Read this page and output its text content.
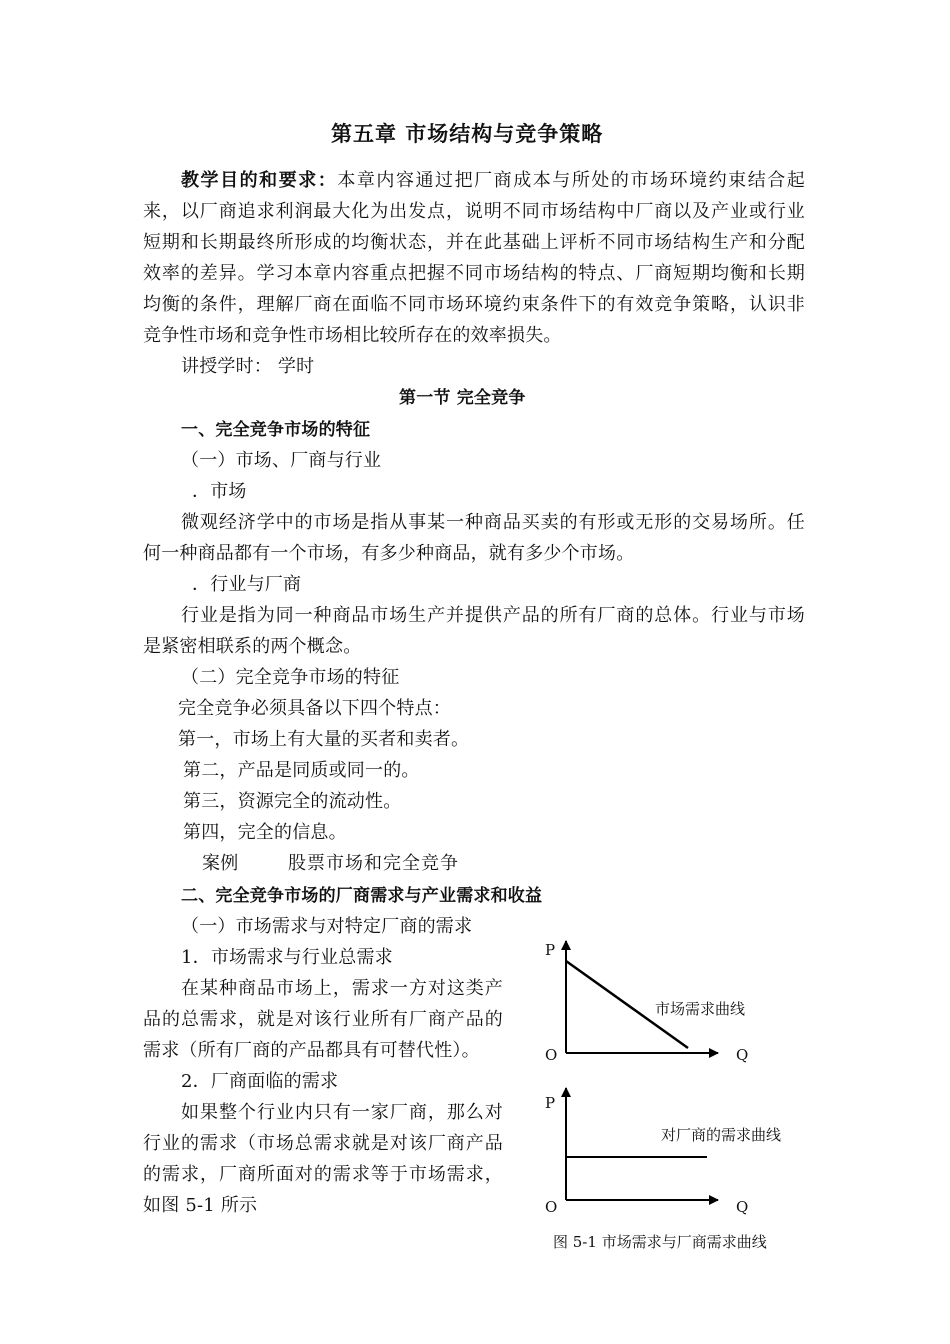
第五章 市场结构与竞争策略
教学目的和要求：本章内容通过把厂商成本与所处的市场环境约束结合起
来，以厂商追求利润最大化为出发点，说明不同市场结构中厂商以及产业或行业
短期和长期最终所形成的均衡状态，并在此基础上评析不同市场结构生产和分配
效率的差异。学习本章内容重点把握不同市场结构的特点、厂商短期均衡和长期
均衡的条件，理解厂商在面临不同市场环境约束条件下的有效竞争策略，认识非
竞争性市场和竞争性市场相比较所存在的效率损失。
讲授学时： 学时
第一节 完全竞争
一、完全竞争市场的特征
（一）市场、厂商与行业
．市场
微观经济学中的市场是指从事某一种商品买卖的有形或无形的交易场所。任
何一种商品都有一个市场，有多少种商品，就有多少个市场。
．行业与厂商
行业是指为同一种商品市场生产并提供产品的所有厂商的总体。行业与市场
是紧密相联系的两个概念。
（二）完全竞争市场的特征
完全竞争必须具备以下四个特点：
第一，市场上有大量的买者和卖者。
第二，产品是同质或同一的。
第三，资源完全的流动性。
第四，完全的信息。
案例	股票市场和完全竞争
二、完全竞争市场的厂商需求与产业需求和收益
（一）市场需求与对特定厂商的需求
1．市场需求与行业总需求
在某种商品市场上，需求一方对这类产
品的总需求，就是对该行业所有厂商产品的
需求（所有厂商的产品都具有可替代性）。
2．厂商面临的需求
如果整个行业内只有一家厂商，那么对
行业的需求（市场总需求就是对该厂商产品
的需求，厂商所面对的需求等于市场需求，
如图 5-1 所示
P
O	Q
市场需求曲线
P
O	Q
对厂商的需求曲线
图 5-1 市场需求与厂商需求曲线
